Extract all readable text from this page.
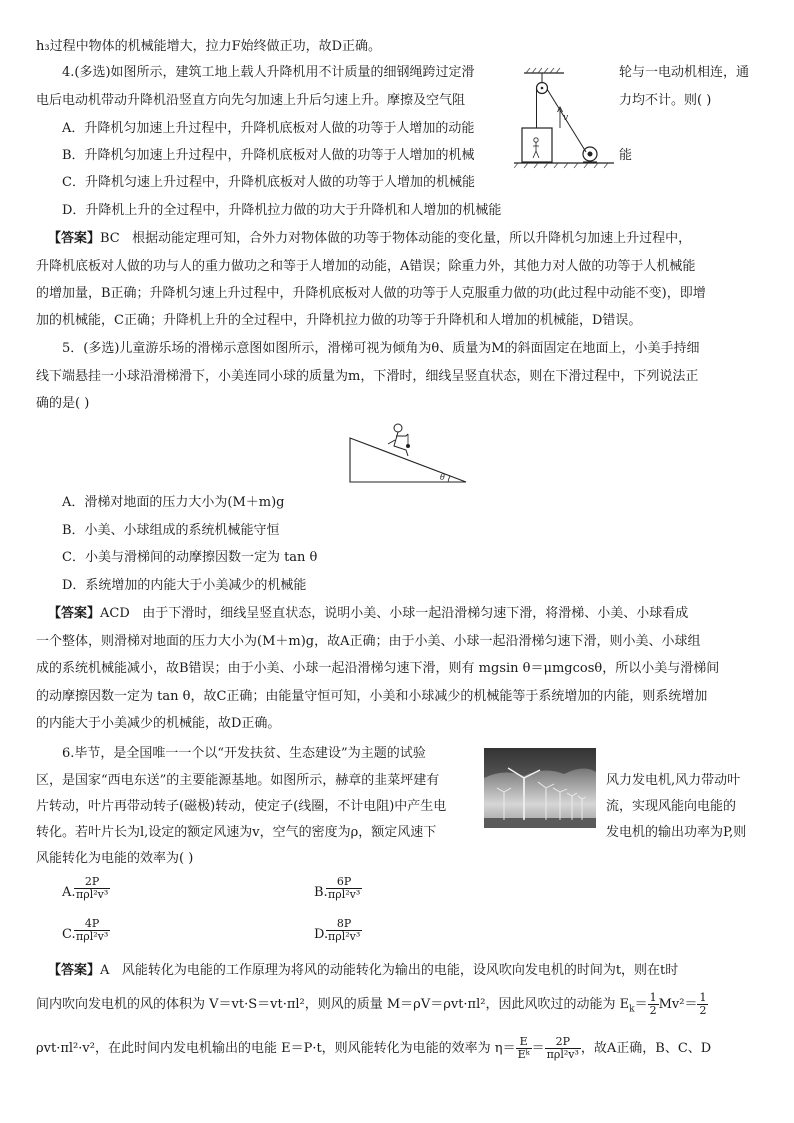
h₃过程中物体的机械能增大，拉力F始终做正功，故D正确。
4.(多选)如图所示，建筑工地上载人升降机用不计质量的细钢绳跨过定滑	轮与一电动机相连，通
电后电动机带动升降机沿竖直方向先匀加速上升后匀速上升。摩擦及空气阻	力均不计。则( )
A．升降机匀加速上升过程中，升降机底板对人做的功等于人增加的动能
B．升降机匀加速上升过程中，升降机底板对人做的功等于人增加的机械	能
C．升降机匀速上升过程中，升降机底板对人做的功等于人增加的机械能
D．升降机上升的全过程中，升降机拉力做的功大于升降机和人增加的机械能
v
【答案】BC 根据动能定理可知，合外力对物体做的功等于物体动能的变化量，所以升降机匀加速上升过程中，
升降机底板对人做的功与人的重力做功之和等于人增加的动能，A错误；除重力外，其他力对人做的功等于人机械能
的增加量，B正确；升降机匀速上升过程中，升降机底板对人做的功等于人克服重力做的功(此过程中动能不变)，即增
加的机械能，C正确；升降机上升的全过程中，升降机拉力做的功等于升降机和人增加的机械能，D错误。
5．(多选)儿童游乐场的滑梯示意图如图所示，滑梯可视为倾角为θ、质量为M的斜面固定在地面上，小美手持细
线下端悬挂一小球沿滑梯滑下，小美连同小球的质量为m，下滑时，细线呈竖直状态，则在下滑过程中，下列说法正
确的是( )
θ
A．滑梯对地面的压力大小为(M＋m)g
B．小美、小球组成的系统机械能守恒
C．小美与滑梯间的动摩擦因数一定为 tan θ
D．系统增加的内能大于小美减少的机械能
【答案】ACD 由于下滑时，细线呈竖直状态，说明小美、小球一起沿滑梯匀速下滑，将滑梯、小美、小球看成
一个整体，则滑梯对地面的压力大小为(M＋m)g，故A正确；由于小美、小球一起沿滑梯匀速下滑，则小美、小球组
成的系统机械能减小，故B错误；由于小美、小球一起沿滑梯匀速下滑，则有 mgsin θ＝μmgcosθ，所以小美与滑梯间
的动摩擦因数一定为 tan θ，故C正确；由能量守恒可知，小美和小球减少的机械能等于系统增加的内能，则系统增加
的内能大于小美减少的机械能，故D正确。
6.毕节，是全国唯一一个以“开发扶贫、生态建设”为主题的试验
区，是国家“西电东送”的主要能源基地。如图所示，赫章的韭菜坪建有
片转动，叶片再带动转子(磁极)转动，使定子(线圈，不计电阻)中产生电
转化。若叶片长为l,设定的额定风速为v，空气的密度为ρ，额定风速下
风力发电机,风力带动叶
流，实现风能向电能的
发电机的输出功率为P,则
风能转化为电能的效率为( )
A.
2P
πρl²v³	B.
6P
πρl²v³
C.
4P
πρl²v³	D.
8P
πρl²v³
【答案】A 风能转化为电能的工作原理为将风的动能转化为输出的电能，设风吹向发电机的时间为t，则在t时
间内吹向发电机的风的体积为 V＝vt·S＝vt·πl²，则风的质量 M＝ρV＝ρvt·πl²，因此风吹过的动能为 $E_k= \frac{1}{2} Mv^2= \frac{1}{2}$
ρvt·πl²·v²，在此时间内发电机输出的电能 E＝P·t，则风能转化为电能的效率为 $\eta= \frac{E}{\text{Eᵏ}} = \frac{2P}{\text{πρl²v³}}$ ，故A正确，B、C、D
